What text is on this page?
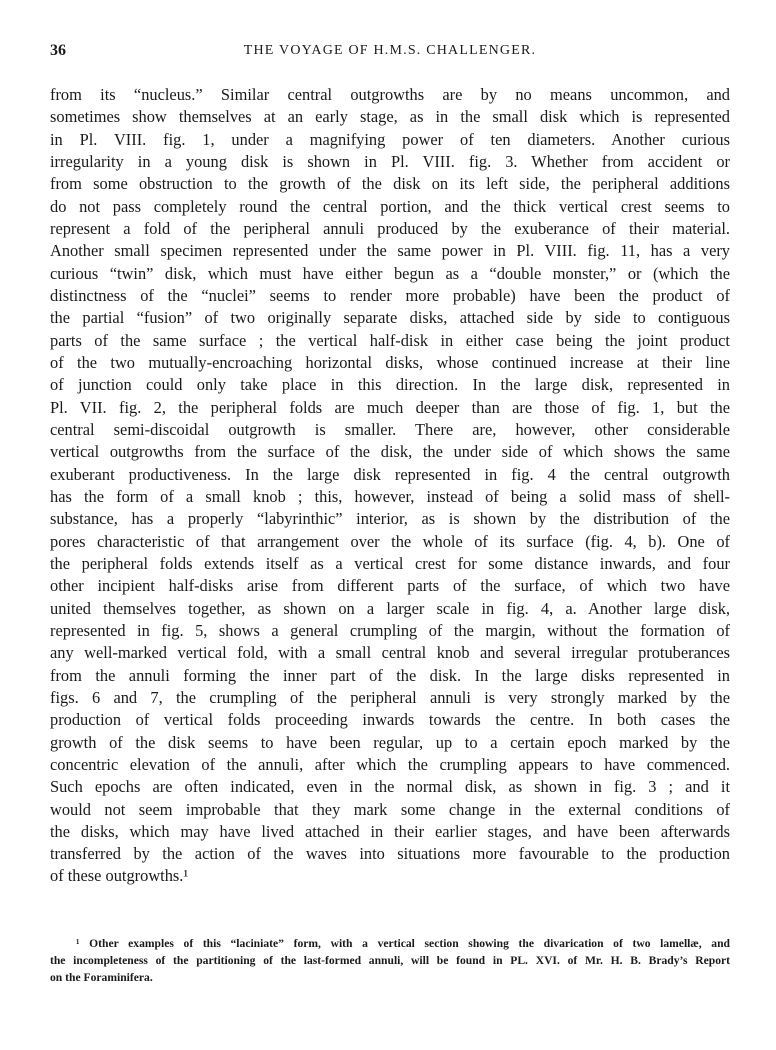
36	THE VOYAGE OF H.M.S. CHALLENGER.
from its “nucleus.” Similar central outgrowths are by no means uncommon, and
sometimes show themselves at an early stage, as in the small disk which is represented
in Pl. VIII. fig. 1, under a magnifying power of ten diameters. Another curious
irregularity in a young disk is shown in Pl. VIII. fig. 3. Whether from accident or
from some obstruction to the growth of the disk on its left side, the peripheral additions
do not pass completely round the central portion, and the thick vertical crest seems to
represent a fold of the peripheral annuli produced by the exuberance of their material.
Another small specimen represented under the same power in Pl. VIII. fig. 11, has a very
curious “twin” disk, which must have either begun as a “double monster,” or (which the
distinctness of the “nuclei” seems to render more probable) have been the product of
the partial “fusion” of two originally separate disks, attached side by side to contiguous
parts of the same surface ; the vertical half-disk in either case being the joint product
of the two mutually-encroaching horizontal disks, whose continued increase at their line
of junction could only take place in this direction. In the large disk, represented in
Pl. VII. fig. 2, the peripheral folds are much deeper than are those of fig. 1, but the
central semi-discoidal outgrowth is smaller. There are, however, other considerable
vertical outgrowths from the surface of the disk, the under side of which shows the same
exuberant productiveness. In the large disk represented in fig. 4 the central outgrowth
has the form of a small knob ; this, however, instead of being a solid mass of shell-
substance, has a properly “labyrinthic” interior, as is shown by the distribution of the
pores characteristic of that arrangement over the whole of its surface (fig. 4, b). One of
the peripheral folds extends itself as a vertical crest for some distance inwards, and four
other incipient half-disks arise from different parts of the surface, of which two have
united themselves together, as shown on a larger scale in fig. 4, a. Another large disk,
represented in fig. 5, shows a general crumpling of the margin, without the formation of
any well-marked vertical fold, with a small central knob and several irregular protuberances
from the annuli forming the inner part of the disk. In the large disks represented in
figs. 6 and 7, the crumpling of the peripheral annuli is very strongly marked by the
production of vertical folds proceeding inwards towards the centre. In both cases the
growth of the disk seems to have been regular, up to a certain epoch marked by the
concentric elevation of the annuli, after which the crumpling appears to have commenced.
Such epochs are often indicated, even in the normal disk, as shown in fig. 3 ; and it
would not seem improbable that they mark some change in the external conditions of
the disks, which may have lived attached in their earlier stages, and have been afterwards
transferred by the action of the waves into situations more favourable to the production
of these outgrowths.¹
¹ Other examples of this “laciniate” form, with a vertical section showing the divarication of two lamellæ, and
the incompleteness of the partitioning of the last-formed annuli, will be found in PL. XVI. of Mr. H. B. Brady’s Report
on the Foraminifera.
